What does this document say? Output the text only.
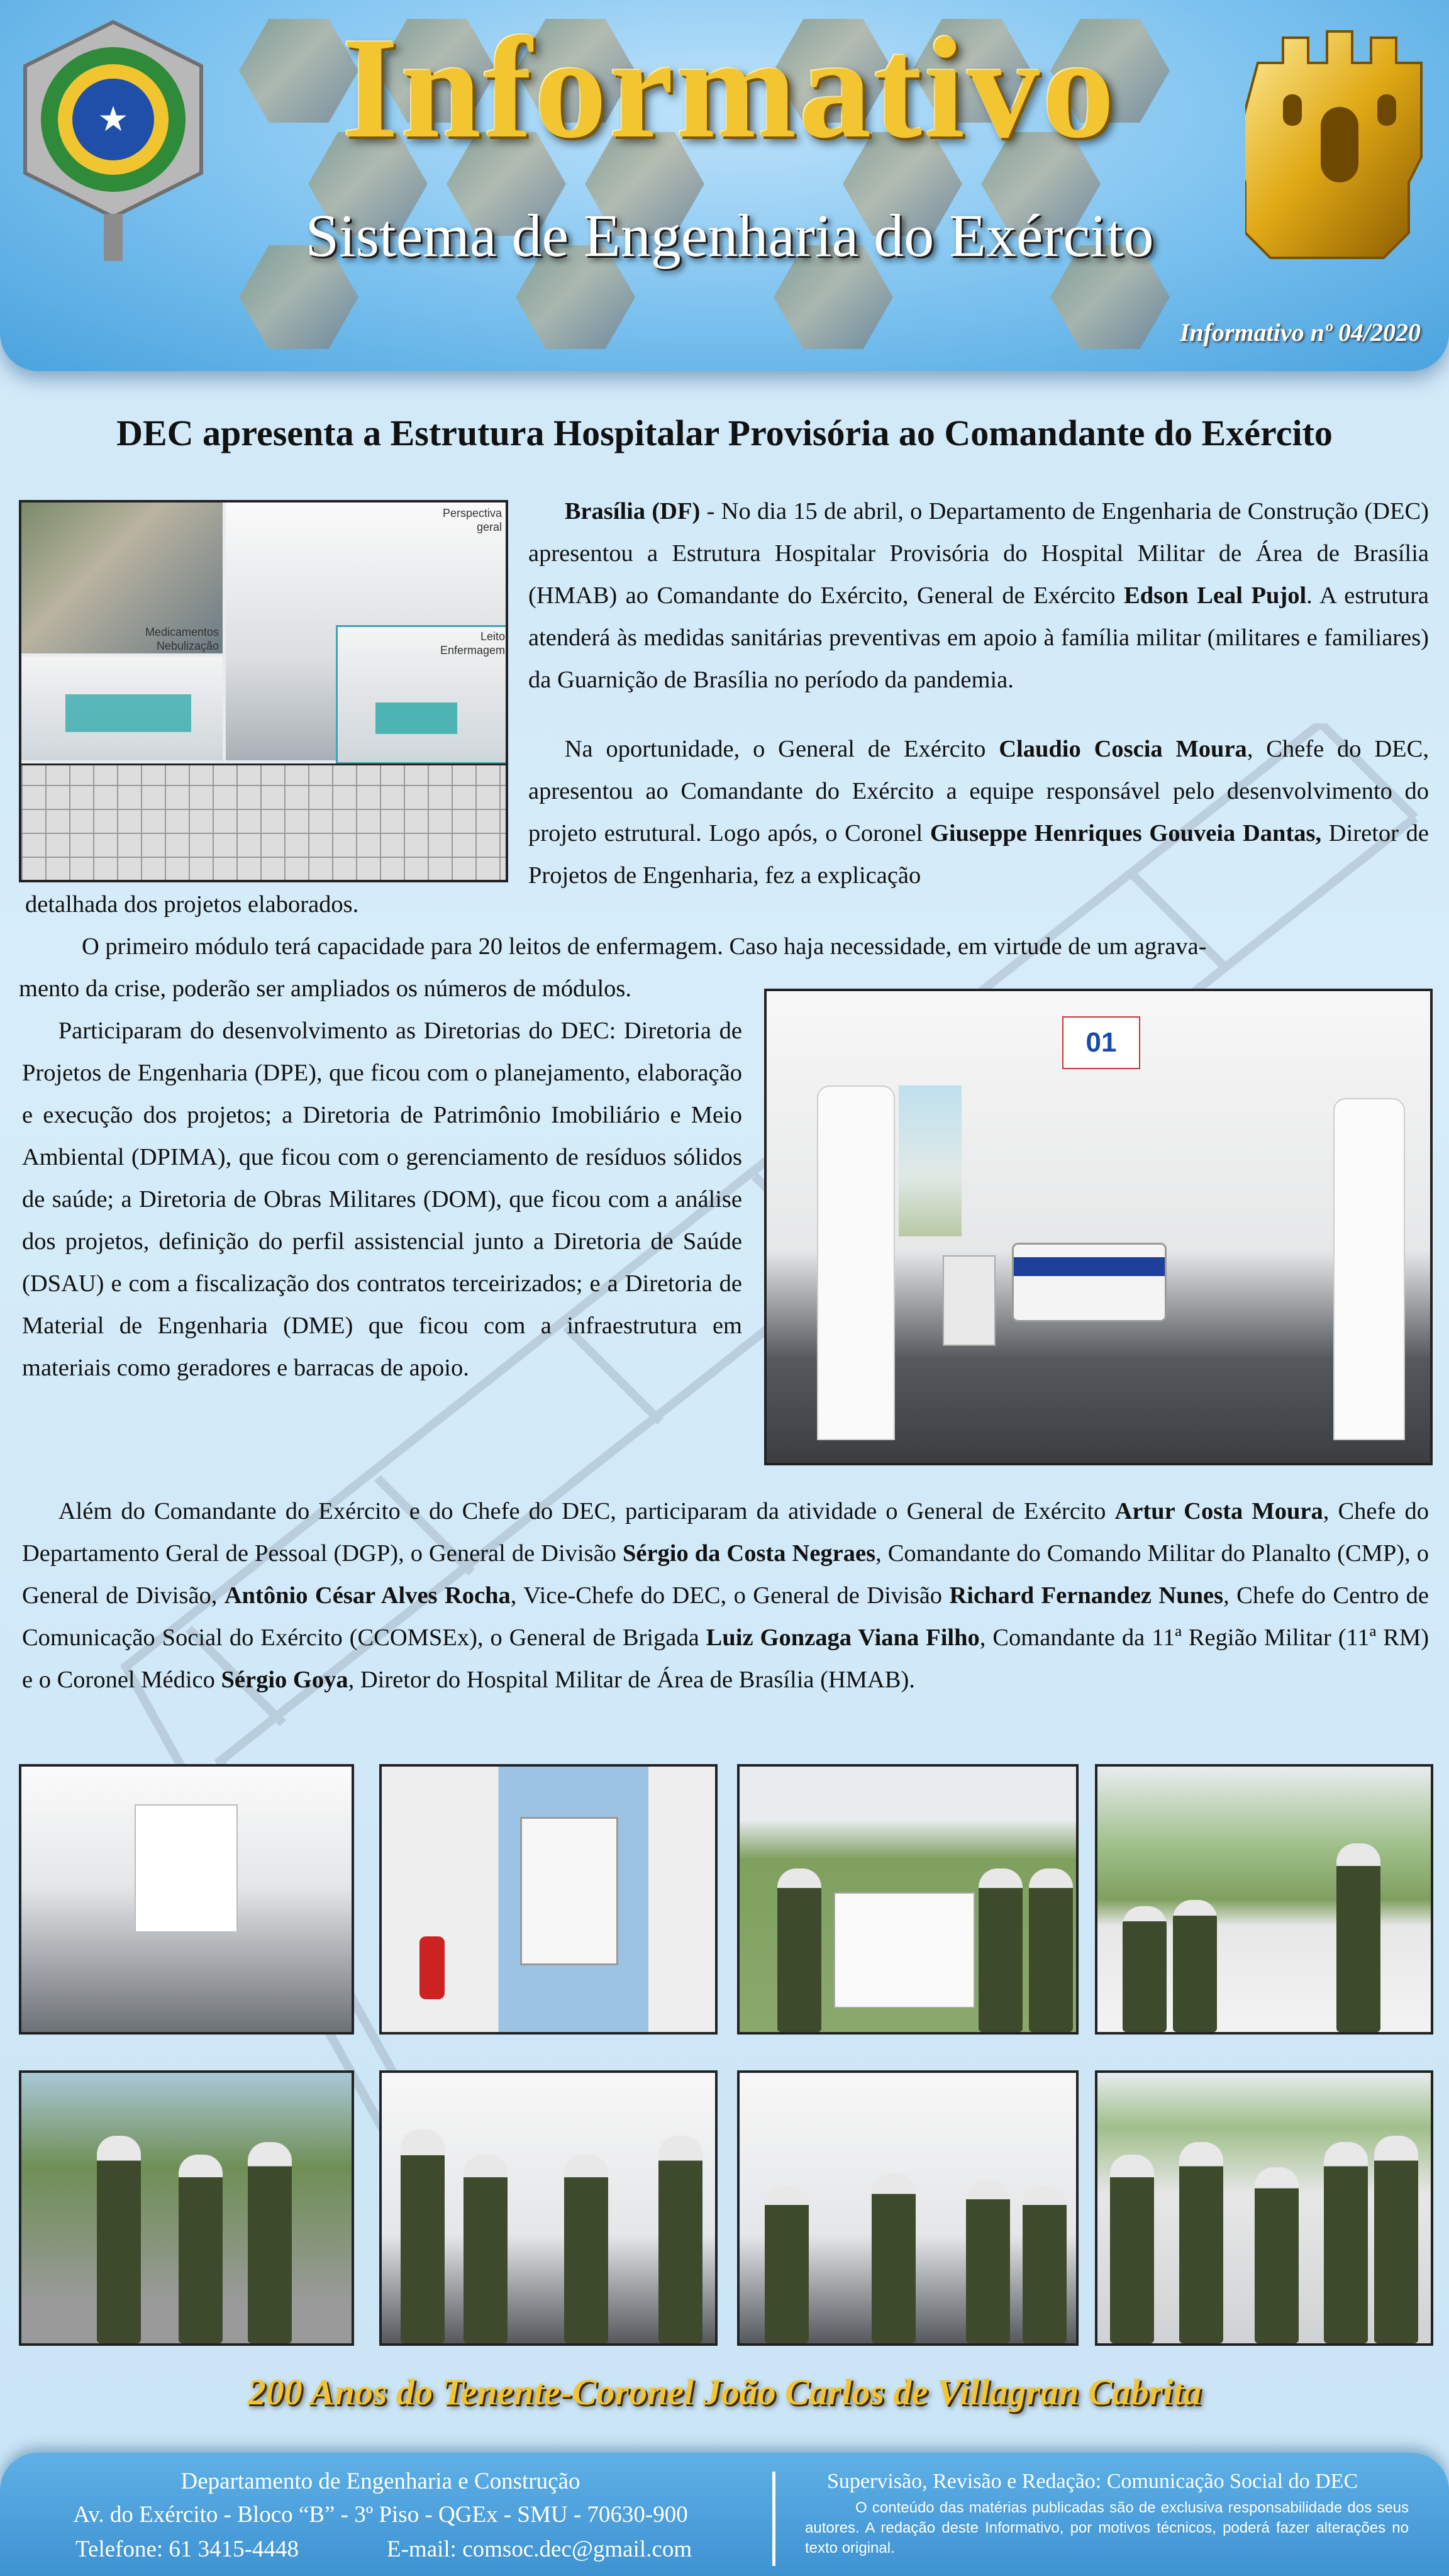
★	Informativo
Sistema de Engenharia do Exército
Informativo nº 04/2020
DEC apresenta a Estrutura Hospitalar Provisória ao Comandante do Exército
Perspectiva geral
Medicamentos Nebulização
Leito Enfermagem
Brasília (DF) - No dia 15 de abril, o Departamento de Engenharia de Construção (DEC) apresentou a Estrutura Hospitalar Provisória do Hospital Militar de Área de Brasília (HMAB) ao Comandante do Exército, General de Exército Edson Leal Pujol. A estrutura atenderá às medidas sanitárias preventivas em apoio à família militar (militares e familiares) da Guarnição de Brasília no período da pandemia.
Na oportunidade, o General de Exército Claudio Coscia Moura, Chefe do DEC, apresentou ao Comandante do Exército a equipe responsável pelo desenvolvimento do projeto estrutural. Logo após, o Coronel Giuseppe Henriques Gouveia Dantas, Diretor de Projetos de Engenharia, fez a explicação
detalhada dos projetos elaborados.
O primeiro módulo terá capacidade para 20 leitos de enfermagem. Caso haja necessidade, em virtude de um agrava-
mento da crise, poderão ser ampliados os números de módulos.
Participaram do desenvolvimento as Diretorias do DEC: Diretoria de Projetos de Engenharia (DPE), que ficou com o planejamento, elaboração e execução dos projetos; a Diretoria de Patrimônio Imobiliário e Meio Ambiental (DPIMA), que ficou com o gerenciamento de resíduos sólidos de saúde; a Diretoria de Obras Militares (DOM), que ficou com a análise dos projetos, definição do perfil assistencial junto a Diretoria de Saúde (DSAU) e com a fiscalização dos contratos terceirizados; e a Diretoria de Material de Engenharia (DME) que ficou com a infraestrutura em materiais como geradores e barracas de apoio.
01
Além do Comandante do Exército e do Chefe do DEC, participaram da atividade o General de Exército Artur Costa Moura, Chefe do Departamento Geral de Pessoal (DGP), o General de Divisão Sérgio da Costa Negraes, Comandante do Comando Militar do Planalto (CMP), o General de Divisão, Antônio César Alves Rocha, Vice-Chefe do DEC, o General de Divisão Richard Fernandez Nunes, Chefe do Centro de Comunicação Social do Exército (CCOMSEx), o General de Brigada Luiz Gonzaga Viana Filho, Comandante da 11ª Região Militar (11ª RM) e o Coronel Médico Sérgio Goya, Diretor do Hospital Militar de Área de Brasília (HMAB).
200 Anos do Tenente-Coronel João Carlos de Villagran Cabrita
Departamento de Engenharia e Construção
Av. do Exército - Bloco “B” - 3º Piso - QGEx - SMU - 70630-900
Telefone: 61 3415-4448	E-mail: comsoc.dec@gmail.com
Supervisão, Revisão e Redação: Comunicação Social do DEC
O conteúdo das matérias publicadas são de exclusiva responsabilidade dos seus autores. A redação deste Informativo, por motivos técnicos, poderá fazer alterações no texto original.
